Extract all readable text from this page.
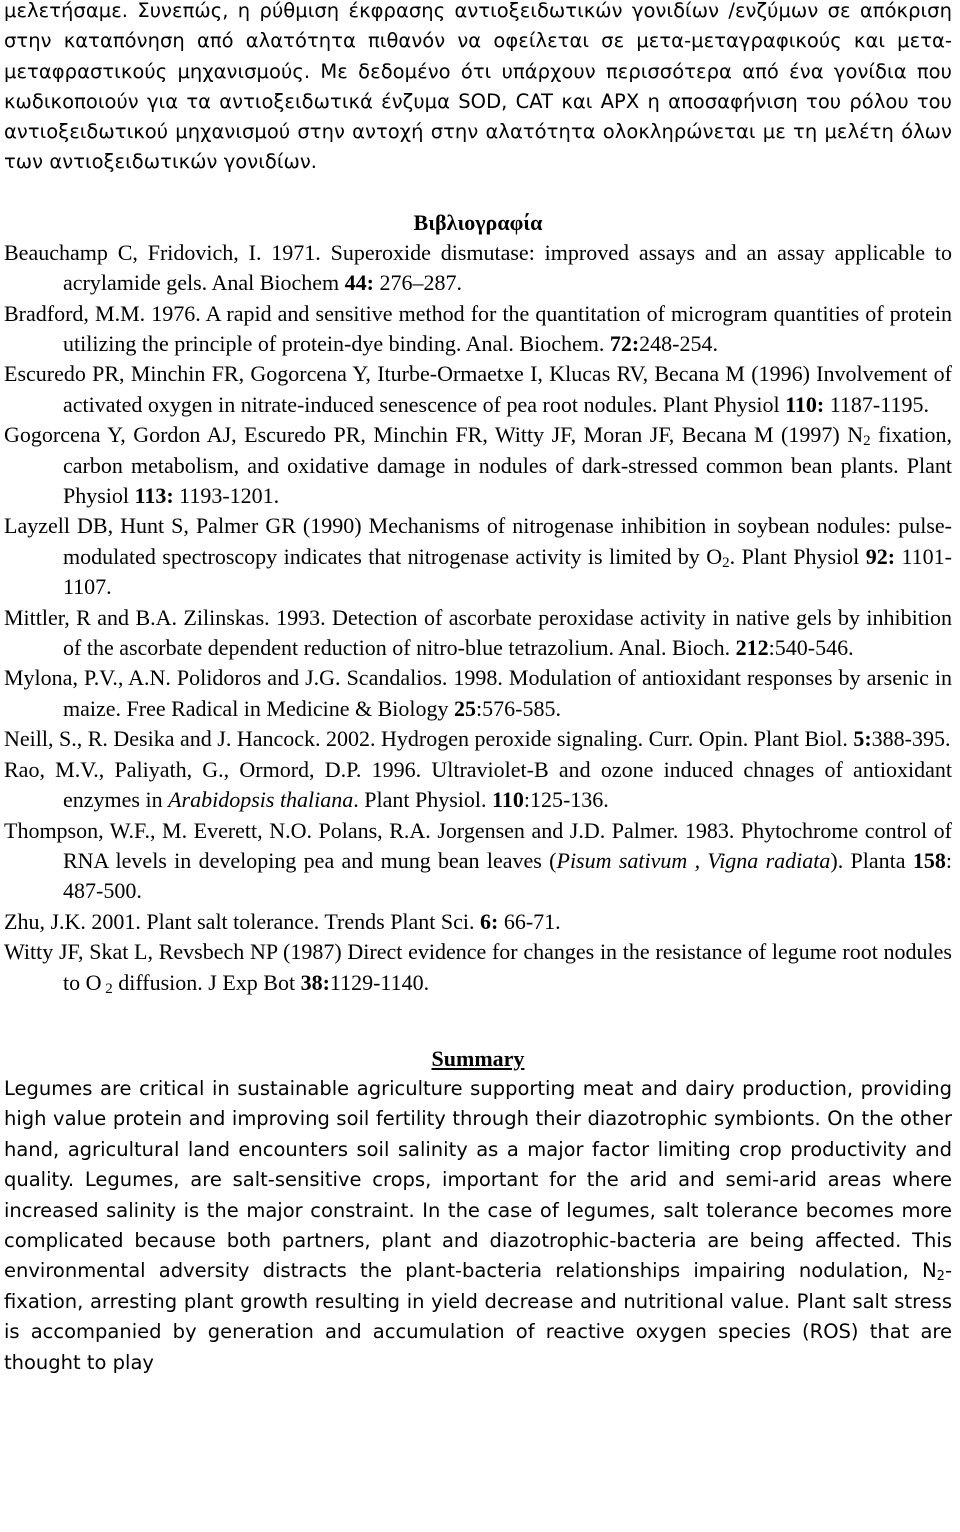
μελετήσαμε. Συνεπώς, η ρύθμιση έκφρασης αντιοξειδωτικών γονιδίων /ενζύμων σε απόκριση στην καταπόνηση από αλατότητα πιθανόν να οφείλεται σε μετα-μεταγραφικούς και μετα-μεταφραστικούς μηχανισμούς. Με δεδομένο ότι υπάρχουν περισσότερα από ένα γονίδια που κωδικοποιούν για τα αντιοξειδωτικά ένζυμα SOD, CAT και APX η αποσαφήνιση του ρόλου του αντιοξειδωτικού μηχανισμού στην αντοχή στην αλατότητα ολοκληρώνεται με τη μελέτη όλων των αντιοξειδωτικών γονιδίων.

Βιβλιογραφία
Beauchamp C, Fridovich, I. 1971. Superoxide dismutase: improved assays and an assay applicable to acrylamide gels. Anal Biochem 44: 276–287.
Bradford, M.M. 1976. A rapid and sensitive method for the quantitation of microgram quantities of protein utilizing the principle of protein-dye binding. Anal. Biochem. 72:248-254.
Escuredo PR, Minchin FR, Gogorcena Y, Iturbe-Ormaetxe I, Klucas RV, Becana M (1996) Involvement of activated oxygen in nitrate-induced senescence of pea root nodules. Plant Physiol 110: 1187-1195.
Gogorcena Y, Gordon AJ, Escuredo PR, Minchin FR, Witty JF, Moran JF, Becana M (1997) $N_2$ fixation, carbon metabolism, and oxidative damage in nodules of dark-stressed common bean plants. Plant Physiol 113: 1193-1201.
Layzell DB, Hunt S, Palmer GR (1990) Mechanisms of nitrogenase inhibition in soybean nodules: pulse-modulated spectroscopy indicates that nitrogenase activity is limited by $O_2$. Plant Physiol 92: 1101-1107.
Mittler, R and B.A. Zilinskas. 1993. Detection of ascorbate peroxidase activity in native gels by inhibition of the ascorbate dependent reduction of nitro-blue tetrazolium. Anal. Bioch. 212:540-546.
Mylona, P.V., A.N. Polidoros and J.G. Scandalios. 1998. Modulation of antioxidant responses by arsenic in maize. Free Radical in Medicine & Biology 25:576-585.
Neill, S., R. Desika and J. Hancock. 2002. Hydrogen peroxide signaling. Curr. Opin. Plant Biol. 5:388-395.
Rao, M.V., Paliyath, G., Ormord, D.P. 1996. Ultraviolet-B and ozone induced chnages of antioxidant enzymes in Arabidopsis thaliana. Plant Physiol. 110:125-136.
Thompson, W.F., M. Everett, N.O. Polans, R.A. Jorgensen and J.D. Palmer. 1983. Phytochrome control of RNA levels in developing pea and mung bean leaves (Pisum sativum , Vigna radiata). Planta 158: 487-500.
Zhu, J.K. 2001. Plant salt tolerance. Trends Plant Sci. 6: 66-71.
Witty JF, Skat L, Revsbech NP (1987) Direct evidence for changes in the resistance of legume root nodules to O $_2$ diffusion. J Exp Bot 38:1129-1140.
Summary

Legumes are critical in sustainable agriculture supporting meat and dairy production, providing high value protein and improving soil fertility through their diazotrophic symbionts. On the other hand, agricultural land encounters soil salinity as a major factor limiting crop productivity and quality. Legumes, are salt-sensitive crops, important for the arid and semi-arid areas where increased salinity is the major constraint. In the case of legumes, salt tolerance becomes more complicated because both partners, plant and diazotrophic-bacteria are being affected. This environmental adversity distracts the plant-bacteria relationships impairing nodulation, $N_2$-fixation, arresting plant growth resulting in yield decrease and nutritional value. Plant salt stress is accompanied by generation and accumulation of reactive oxygen species (ROS) that are thought to play
